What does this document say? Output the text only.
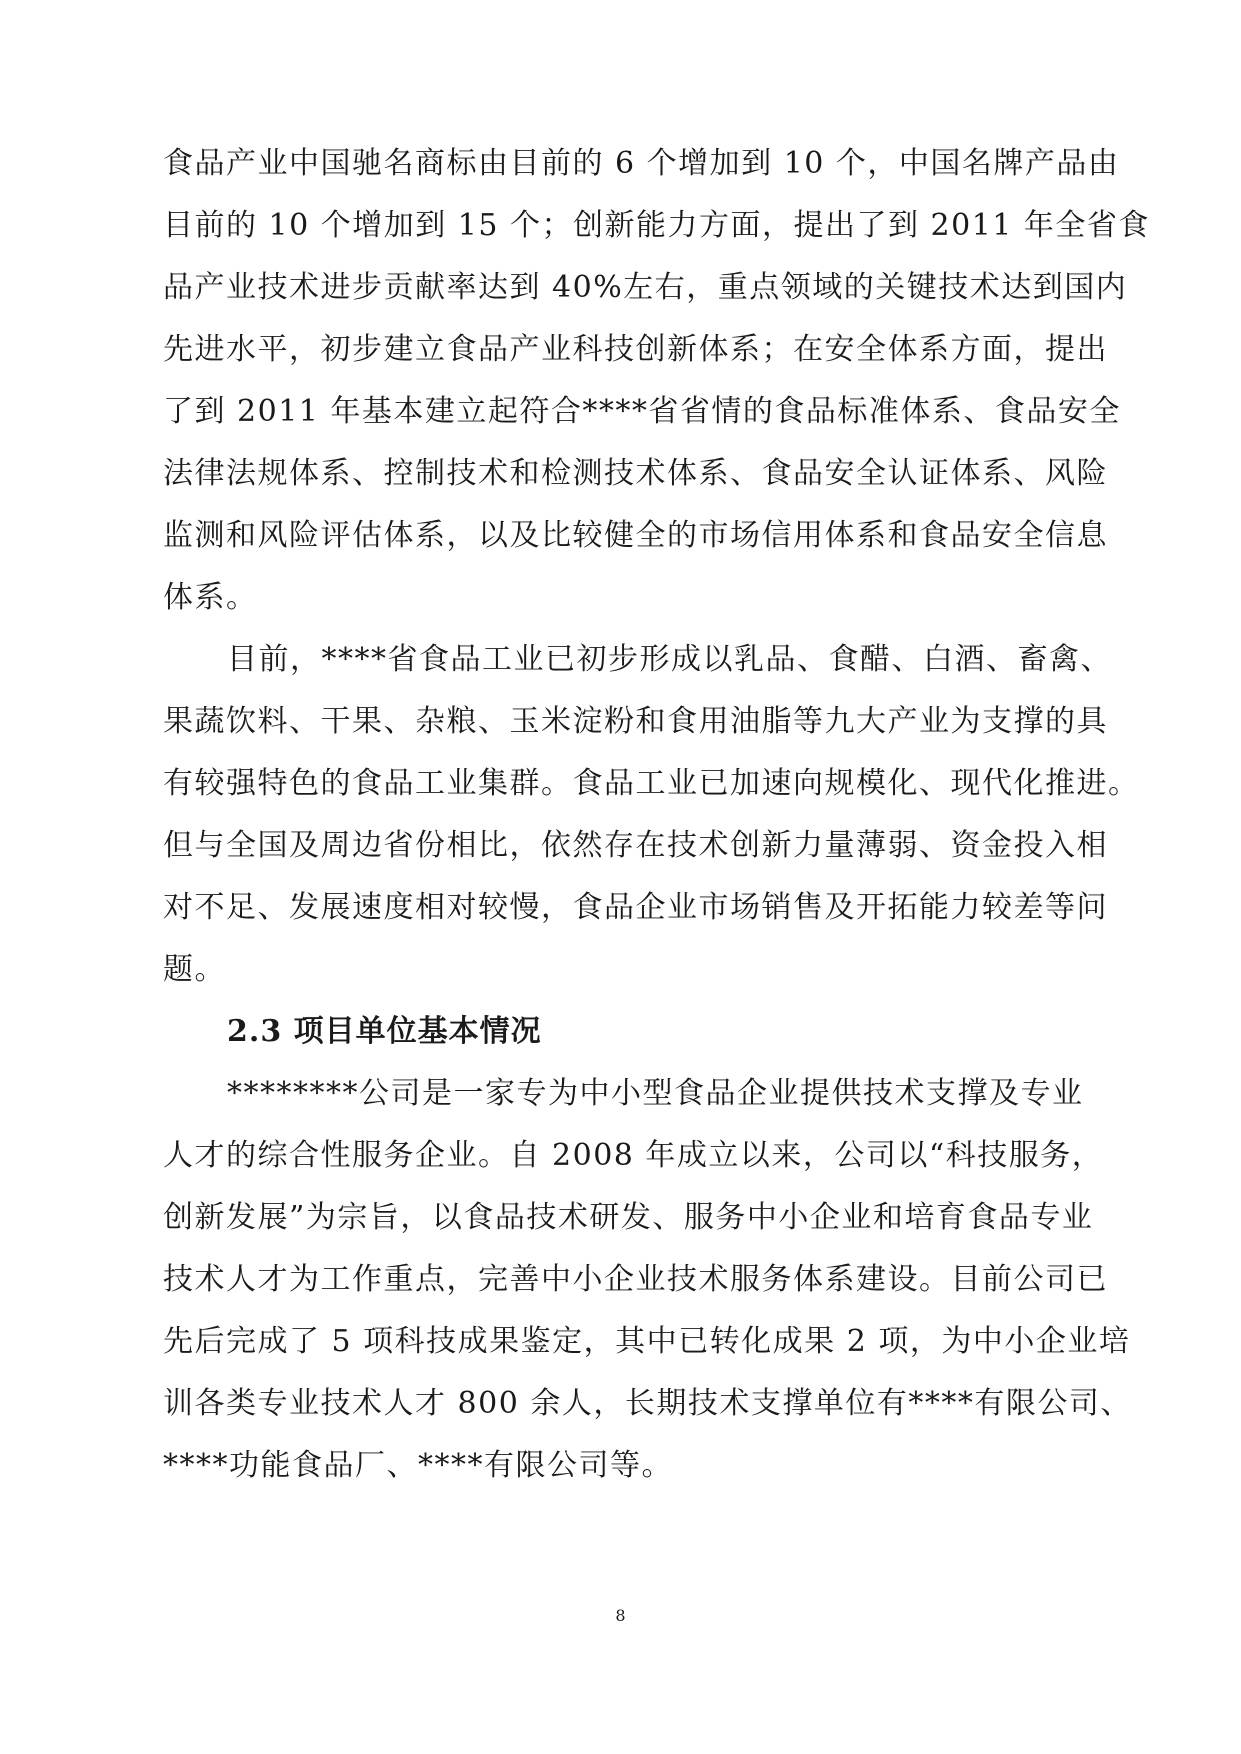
食品产业中国驰名商标由目前的 6 个增加到 10 个，中国名牌产品由
目前的 10 个增加到 15 个；创新能力方面，提出了到 2011 年全省食
品产业技术进步贡献率达到 40%左右，重点领域的关键技术达到国内
先进水平，初步建立食品产业科技创新体系；在安全体系方面，提出
了到 2011 年基本建立起符合****省省情的食品标准体系、食品安全
法律法规体系、控制技术和检测技术体系、食品安全认证体系、风险
监测和风险评估体系，以及比较健全的市场信用体系和食品安全信息
体系。
目前，****省食品工业已初步形成以乳品、食醋、白酒、畜禽、
果蔬饮料、干果、杂粮、玉米淀粉和食用油脂等九大产业为支撑的具
有较强特色的食品工业集群。食品工业已加速向规模化、现代化推进。
但与全国及周边省份相比，依然存在技术创新力量薄弱、资金投入相
对不足、发展速度相对较慢，食品企业市场销售及开拓能力较差等问
题。
2.3 项目单位基本情况
********公司是一家专为中小型食品企业提供技术支撑及专业
人才的综合性服务企业。自 2008 年成立以来，公司以“科技服务，
创新发展”为宗旨，以食品技术研发、服务中小企业和培育食品专业
技术人才为工作重点，完善中小企业技术服务体系建设。目前公司已
先后完成了 5 项科技成果鉴定，其中已转化成果 2 项，为中小企业培
训各类专业技术人才 800 余人，长期技术支撑单位有****有限公司、
****功能食品厂、****有限公司等。
8
